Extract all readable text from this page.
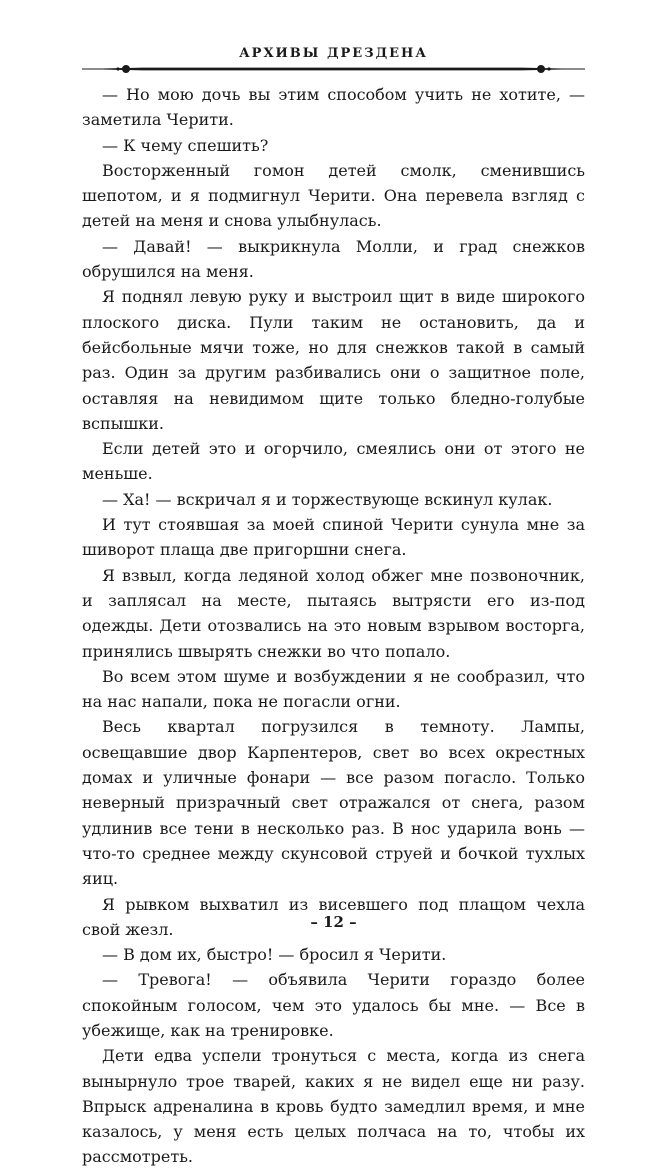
АРХИВЫ ДРЕЗДЕНА

— Но мою дочь вы этим способом учить не хотите, — заметила Черити.

— К чему спешить?

Восторженный гомон детей смолк, сменившись шепотом, и я подмигнул Черити. Она перевела взгляд с детей на меня и снова улыбнулась.

— Давай! — выкрикнула Молли, и град снежков обрушился на меня.

Я поднял левую руку и выстроил щит в виде широкого плоского диска. Пули таким не остановить, да и бейсбольные мячи тоже, но для снежков такой в самый раз. Один за другим разбивались они о защитное поле, оставляя на невидимом щите только бледно-голубые вспышки.

Если детей это и огорчило, смеялись они от этого не меньше.

— Ха! — вскричал я и торжествующе вскинул кулак.

И тут стоявшая за моей спиной Черити сунула мне за шиворот плаща две пригоршни снега.

Я взвыл, когда ледяной холод обжег мне позвоночник, и заплясал на месте, пытаясь вытрясти его из-под одежды. Дети отозвались на это новым взрывом восторга, принялись швырять снежки во что попало.

Во всем этом шуме и возбуждении я не сообразил, что на нас напали, пока не погасли огни.

Весь квартал погрузился в темноту. Лампы, освещавшие двор Карпентеров, свет во всех окрестных домах и уличные фонари — все разом погасло. Только неверный призрачный свет отражался от снега, разом удлинив все тени в несколько раз. В нос ударила вонь — что-то среднее между скунсовой струей и бочкой тухлых яиц.

Я рывком выхватил из висевшего под плащом чехла свой жезл.

— В дом их, быстро! — бросил я Черити.

— Тревога! — объявила Черити гораздо более спокойным голосом, чем это удалось бы мне. — Все в убежище, как на тренировке.

Дети едва успели тронуться с места, когда из снега вынырнуло трое тварей, каких я не видел еще ни разу. Впрыск адреналина в кровь будто замедлил время, и мне казалось, у меня есть целых полчаса на то, чтобы их рассмотреть.

– 12 –
